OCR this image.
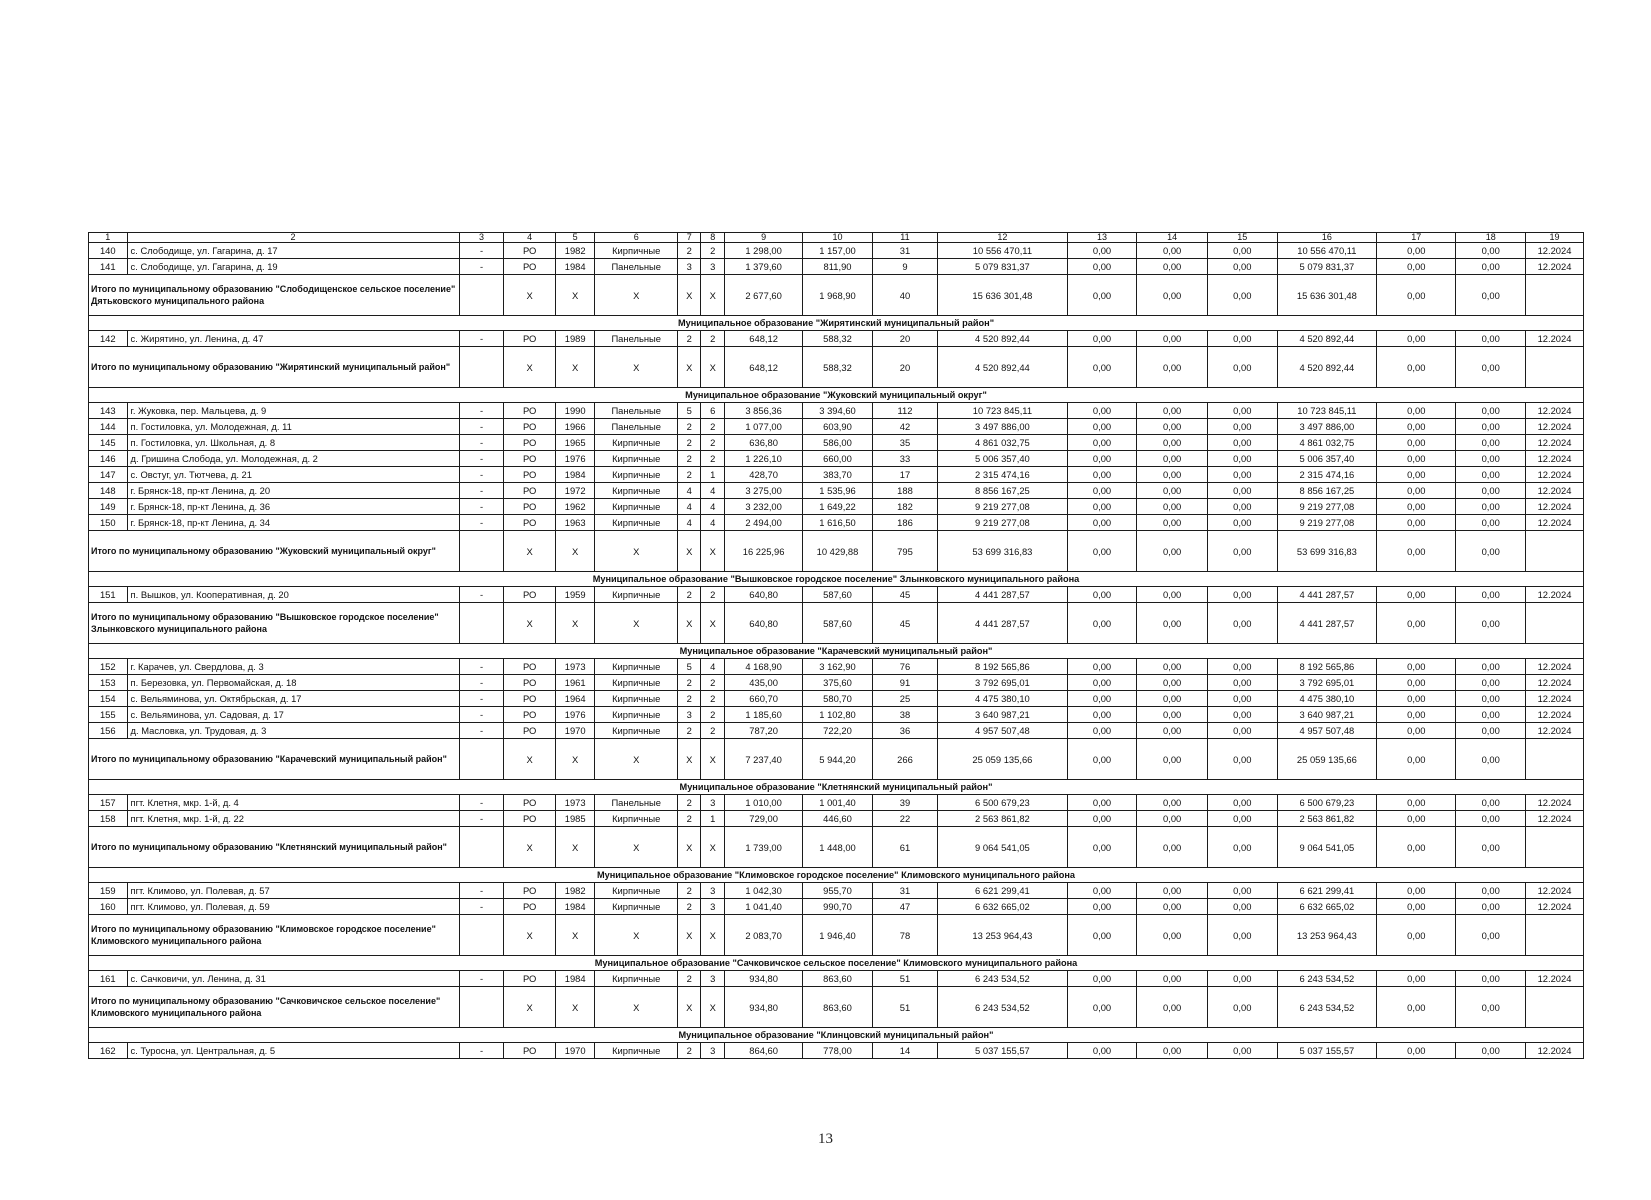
1	2	3	4	5	6	7	8	9	10	11	12	13	14	15	16	17	18	19
140	с. Слободище, ул. Гагарина, д. 17	-	РО	1982	Кирпичные	2	2	1 298,00	1 157,00	31	10 556 470,11	0,00	0,00	0,00	10 556 470,11	0,00	0,00	12.2024
141	с. Слободище, ул. Гагарина, д. 19	-	РО	1984	Панельные	3	3	1 379,60	811,90	9	5 079 831,37	0,00	0,00	0,00	5 079 831,37	0,00	0,00	12.2024
Итого по муниципальному образованию "Слободищенское сельское поселение" Дятьковского муниципального района			Х	Х	Х	Х	Х	2 677,60	1 968,90	40	15 636 301,48	0,00	0,00	0,00	15 636 301,48	0,00	0,00	
Муниципальное образование "Жирятинский муниципальный район"																		
142	с. Жирятино, ул. Ленина, д. 47	-	РО	1989	Панельные	2	2	648,12	588,32	20	4 520 892,44	0,00	0,00	0,00	4 520 892,44	0,00	0,00	12.2024
Итого по муниципальному образованию "Жирятинский муниципальный район"			Х	Х	Х	Х	Х	648,12	588,32	20	4 520 892,44	0,00	0,00	0,00	4 520 892,44	0,00	0,00	
Муниципальное образование "Жуковский муниципальный округ"																		
143	г. Жуковка, пер. Мальцева, д. 9	-	РО	1990	Панельные	5	6	3 856,36	3 394,60	112	10 723 845,11	0,00	0,00	0,00	10 723 845,11	0,00	0,00	12.2024
144	п. Гостиловка, ул. Молодежная, д. 11	-	РО	1966	Панельные	2	2	1 077,00	603,90	42	3 497 886,00	0,00	0,00	0,00	3 497 886,00	0,00	0,00	12.2024
145	п. Гостиловка, ул. Школьная, д. 8	-	РО	1965	Кирпичные	2	2	636,80	586,00	35	4 861 032,75	0,00	0,00	0,00	4 861 032,75	0,00	0,00	12.2024
146	д. Гришина Слобода, ул. Молодежная, д. 2	-	РО	1976	Кирпичные	2	2	1 226,10	660,00	33	5 006 357,40	0,00	0,00	0,00	5 006 357,40	0,00	0,00	12.2024
147	с. Овстуг, ул. Тютчева, д. 21	-	РО	1984	Кирпичные	2	1	428,70	383,70	17	2 315 474,16	0,00	0,00	0,00	2 315 474,16	0,00	0,00	12.2024
148	г. Брянск-18, пр-кт Ленина, д. 20	-	РО	1972	Кирпичные	4	4	3 275,00	1 535,96	188	8 856 167,25	0,00	0,00	0,00	8 856 167,25	0,00	0,00	12.2024
149	г. Брянск-18, пр-кт Ленина, д. 36	-	РО	1962	Кирпичные	4	4	3 232,00	1 649,22	182	9 219 277,08	0,00	0,00	0,00	9 219 277,08	0,00	0,00	12.2024
150	г. Брянск-18, пр-кт Ленина, д. 34	-	РО	1963	Кирпичные	4	4	2 494,00	1 616,50	186	9 219 277,08	0,00	0,00	0,00	9 219 277,08	0,00	0,00	12.2024
Итого по муниципальному образованию "Жуковский муниципальный округ"			Х	Х	Х	Х	Х	16 225,96	10 429,88	795	53 699 316,83	0,00	0,00	0,00	53 699 316,83	0,00	0,00	
Муниципальное образование "Вышковское городское поселение" Злынковского муниципального района																		
151	п. Вышков, ул. Кооперативная, д. 20	-	РО	1959	Кирпичные	2	2	640,80	587,60	45	4 441 287,57	0,00	0,00	0,00	4 441 287,57	0,00	0,00	12.2024
Итого по муниципальному образованию "Вышковское городское поселение" Злынковского муниципального района			Х	Х	Х	Х	Х	640,80	587,60	45	4 441 287,57	0,00	0,00	0,00	4 441 287,57	0,00	0,00	
Муниципальное образование "Карачевский муниципальный район"																		
152	г. Карачев, ул. Свердлова, д. 3	-	РО	1973	Кирпичные	5	4	4 168,90	3 162,90	76	8 192 565,86	0,00	0,00	0,00	8 192 565,86	0,00	0,00	12.2024
153	п. Березовка, ул. Первомайская, д. 18	-	РО	1961	Кирпичные	2	2	435,00	375,60	91	3 792 695,01	0,00	0,00	0,00	3 792 695,01	0,00	0,00	12.2024
154	с. Вельяминова, ул. Октябрьская, д. 17	-	РО	1964	Кирпичные	2	2	660,70	580,70	25	4 475 380,10	0,00	0,00	0,00	4 475 380,10	0,00	0,00	12.2024
155	с. Вельяминова, ул. Садовая, д. 17	-	РО	1976	Кирпичные	3	2	1 185,60	1 102,80	38	3 640 987,21	0,00	0,00	0,00	3 640 987,21	0,00	0,00	12.2024
156	д. Масловка, ул. Трудовая, д. 3	-	РО	1970	Кирпичные	2	2	787,20	722,20	36	4 957 507,48	0,00	0,00	0,00	4 957 507,48	0,00	0,00	12.2024
Итого по муниципальному образованию "Карачевский муниципальный район"			Х	Х	Х	Х	Х	7 237,40	5 944,20	266	25 059 135,66	0,00	0,00	0,00	25 059 135,66	0,00	0,00	
Муниципальное образование "Клетнянский муниципальный район"																		
157	пгт. Клетня, мкр. 1-й, д. 4	-	РО	1973	Панельные	2	3	1 010,00	1 001,40	39	6 500 679,23	0,00	0,00	0,00	6 500 679,23	0,00	0,00	12.2024
158	пгт. Клетня, мкр. 1-й, д. 22	-	РО	1985	Кирпичные	2	1	729,00	446,60	22	2 563 861,82	0,00	0,00	0,00	2 563 861,82	0,00	0,00	12.2024
Итого по муниципальному образованию "Клетнянский муниципальный район"			Х	Х	Х	Х	Х	1 739,00	1 448,00	61	9 064 541,05	0,00	0,00	0,00	9 064 541,05	0,00	0,00	
Муниципальное образование "Климовское городское поселение" Климовского муниципального района																		
159	пгт. Климово, ул. Полевая, д. 57	-	РО	1982	Кирпичные	2	3	1 042,30	955,70	31	6 621 299,41	0,00	0,00	0,00	6 621 299,41	0,00	0,00	12.2024
160	пгт. Климово, ул. Полевая, д. 59	-	РО	1984	Кирпичные	2	3	1 041,40	990,70	47	6 632 665,02	0,00	0,00	0,00	6 632 665,02	0,00	0,00	12.2024
Итого по муниципальному образованию "Климовское городское поселение" Климовского муниципального района			Х	Х	Х	Х	Х	2 083,70	1 946,40	78	13 253 964,43	0,00	0,00	0,00	13 253 964,43	0,00	0,00	
Муниципальное образование "Сачковичское сельское поселение" Климовского муниципального района																		
161	с. Сачковичи, ул. Ленина, д. 31	-	РО	1984	Кирпичные	2	3	934,80	863,60	51	6 243 534,52	0,00	0,00	0,00	6 243 534,52	0,00	0,00	12.2024
Итого по муниципальному образованию "Сачковичское сельское поселение" Климовского муниципального района			Х	Х	Х	Х	Х	934,80	863,60	51	6 243 534,52	0,00	0,00	0,00	6 243 534,52	0,00	0,00	
Муниципальное образование "Клинцовский муниципальный район"																		
162	с. Туросна, ул. Центральная, д. 5	-	РО	1970	Кирпичные	2	3	864,60	778,00	14	5 037 155,57	0,00	0,00	0,00	5 037 155,57	0,00	0,00	12.2024
13
